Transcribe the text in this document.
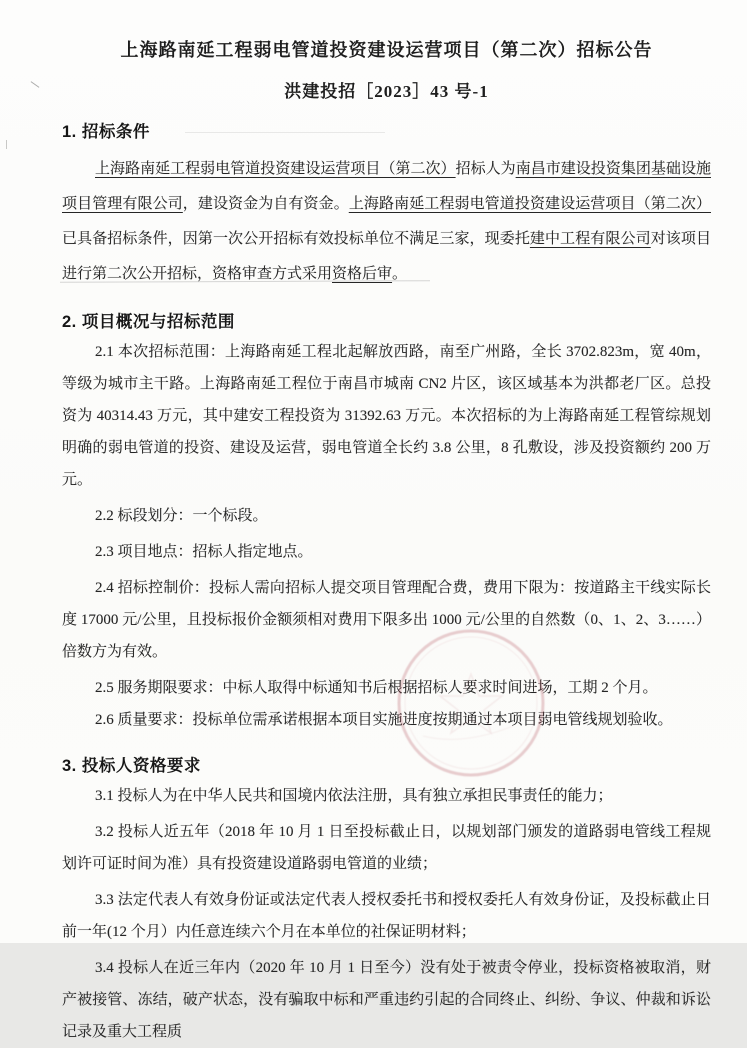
上海路南延工程弱电管道投资建设运营项目（第二次）招标公告
洪建投招［2023］43 号-1
1. 招标条件

上海路南延工程弱电管道投资建设运营项目（第二次）招标人为南昌市建设投资集团基础设施项目管理有限公司，建设资金为自有资金。上海路南延工程弱电管道投资建设运营项目（第二次）已具备招标条件，因第一次公开招标有效投标单位不满足三家，现委托建中工程有限公司对该项目进行第二次公开招标，资格审查方式采用资格后审。

2. 项目概况与招标范围

2.1 本次招标范围：上海路南延工程北起解放西路，南至广州路，全长 3702.823m，宽 40m，等级为城市主干路。上海路南延工程位于南昌市城南 CN2 片区，该区域基本为洪都老厂区。总投资为 40314.43 万元，其中建安工程投资为 31392.63 万元。本次招标的为上海路南延工程管综规划明确的弱电管道的投资、建设及运营，弱电管道全长约 3.8 公里，8 孔敷设，涉及投资额约 200 万元。

2.2 标段划分：一个标段。

2.3 项目地点：招标人指定地点。

2.4 招标控制价：投标人需向招标人提交项目管理配合费，费用下限为：按道路主干线实际长度 17000 元/公里，且投标报价金额须相对费用下限多出 1000 元/公里的自然数（0、1、2、3……）倍数方为有效。

2.5 服务期限要求：中标人取得中标通知书后根据招标人要求时间进场，工期 2 个月。

2.6 质量要求：投标单位需承诺根据本项目实施进度按期通过本项目弱电管线规划验收。

3. 投标人资格要求

3.1 投标人为在中华人民共和国境内依法注册，具有独立承担民事责任的能力；

3.2 投标人近五年（2018 年 10 月 1 日至投标截止日，以规划部门颁发的道路弱电管线工程规划许可证时间为准）具有投资建设道路弱电管道的业绩；

3.3 法定代表人有效身份证或法定代表人授权委托书和授权委托人有效身份证，及投标截止日前一年(12 个月）内任意连续六个月在本单位的社保证明材料；

3.4 投标人在近三年内（2020 年 10 月 1 日至今）没有处于被责令停业，投标资格被取消，财产被接管、冻结，破产状态，没有骗取中标和严重违约引起的合同终止、纠纷、争议、仲裁和诉讼记录及重大工程质
